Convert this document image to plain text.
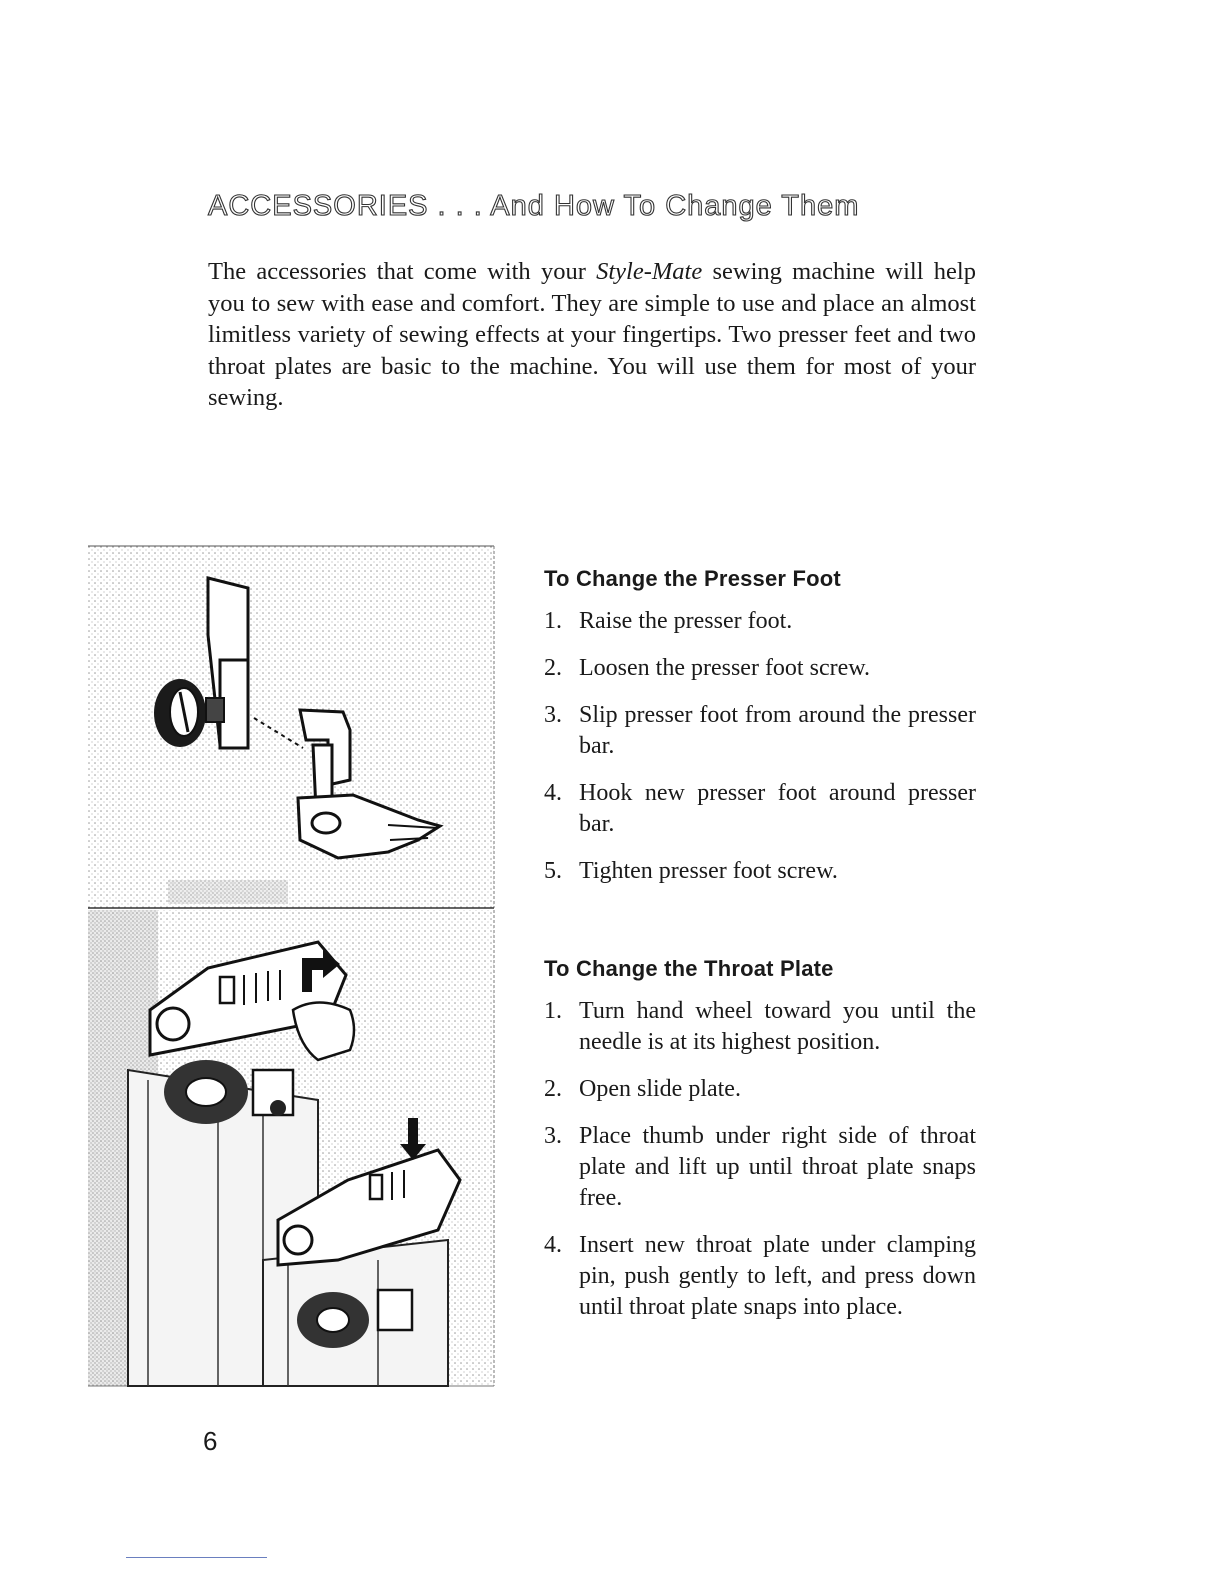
ACCESSORIES . . . And How To Change Them

The accessories that come with your Style-Mate sewing machine will help you to sew with ease and comfort. They are simple to use and place an almost limitless variety of sewing effects at your fingertips. Two presser feet and two throat plates are basic to the machine. You will use them for most of your sewing.

To Change the Presser Foot
1. Raise the presser foot.
2. Loosen the presser foot screw.
3. Slip presser foot from around the presser bar.
4. Hook new presser foot around presser bar.
5. Tighten presser foot screw.
To Change the Throat Plate
1. Turn hand wheel toward you until the needle is at its highest position.
2. Open slide plate.
3. Place thumb under right side of throat plate and lift up until throat plate snaps free.
4. Insert new throat plate under clamping pin, push gently to left, and press down until throat plate snaps into place.
6
